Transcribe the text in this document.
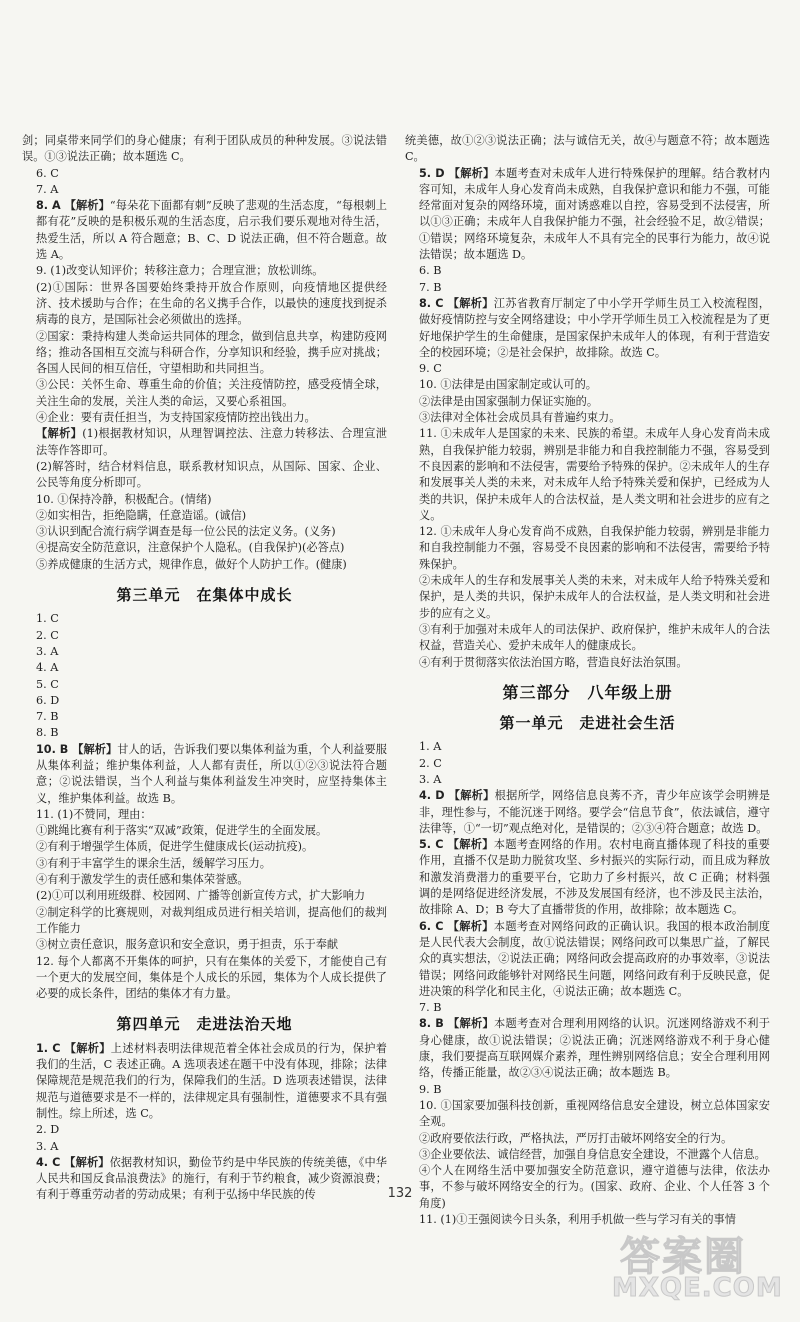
剑；同桌带来同学们的身心健康；有利于团队成员的种种发展。③说法错误。①③说法正确；故本题选 C。

6. C

7. A

8. A 【解析】“每朵花下面都有刺”反映了悲观的生活态度，“每根刺上都有花”反映的是积极乐观的生活态度，启示我们要乐观地对待生活，热爱生活，所以 A 符合题意；B、C、D 说法正确，但不符合题意。故选 A。

9. (1)改变认知评价；转移注意力；合理宣泄；放松训练。

(2)①国际：世界各国要始终秉持开放合作原则，向疫情地区提供经济、技术援助与合作；在生命的名义携手合作，以最快的速度找到捉杀病毒的良方，是国际社会必须做出的选择。

②国家：秉持构建人类命运共同体的理念，做到信息共享，构建防疫网络；推动各国相互交流与科研合作，分享知识和经验，携手应对挑战；各国人民间的相互信任，守望相助和共同担当。

③公民：关怀生命、尊重生命的价值；关注疫情防控，感受疫情全球，关注生命的发展，关注人类的命运，又要心系祖国。

④企业：要有责任担当，为支持国家疫情防控出钱出力。

【解析】(1)根据教材知识，从理智调控法、注意力转移法、合理宣泄法等作答即可。

(2)解答时，结合材料信息，联系教材知识点，从国际、国家、企业、公民等角度分析即可。

10. ①保持冷静，积极配合。(情绪)

②如实相告，拒绝隐瞒，任意造谣。(诚信)

③认识到配合流行病学调查是每一位公民的法定义务。(义务)

④提高安全防范意识，注意保护个人隐私。(自我保护)(必答点)

⑤养成健康的生活方式，规律作息，做好个人防护工作。(健康)

第三单元　在集体中成长

1. C

2. C

3. A

4. A

5. C

6. D

7. B

8. B

10. B 【解析】甘人的话，告诉我们要以集体利益为重，个人利益要服从集体利益；维护集体利益，人人都有责任，所以①②③说法符合题意；②说法错误，当个人利益与集体利益发生冲突时，应坚持集体主义，维护集体利益。故选 B。

11. (1)不赞同，理由：

①跳绳比赛有利于落实“双减”政策，促进学生的全面发展。

②有利于增强学生体质，促进学生健康成长(运动抗疫)。

③有利于丰富学生的课余生活，缓解学习压力。

④有利于激发学生的责任感和集体荣誉感。

(2)①可以利用班级群、校园网、广播等创新宣传方式，扩大影响力

②制定科学的比赛规则，对裁判组成员进行相关培训，提高他们的裁判工作能力

③树立责任意识，服务意识和安全意识，勇于担责，乐于奉献

12. 每个人都离不开集体的呵护，只有在集体的关爱下，才能使自己有一个更大的发展空间，集体是个人成长的乐园，集体为个人成长提供了必要的成长条件，团结的集体才有力量。

第四单元　走进法治天地

1. C 【解析】上述材料表明法律规范着全体社会成员的行为，保护着我们的生活，C 表述正确。A 选项表述在题干中没有体现，排除；法律保障规范是规范我们的行为，保障我们的生活。D 选项表述错误，法律规范与道德要求是不一样的，法律规定具有强制性，道德要求不具有强制性。综上所述，选 C。

2. D

3. A

4. C 【解析】依据教材知识，勤俭节约是中华民族的传统美德，《中华人民共和国反食品浪费法》的施行，有利于节约粮食，减少资源浪费；有利于尊重劳动者的劳动成果；有利于弘扬中华民族的传

统美德，故①②③说法正确；法与诚信无关，故④与题意不符；故本题选 C。

5. D 【解析】本题考查对未成年人进行特殊保护的理解。结合教材内容可知，未成年人身心发育尚未成熟，自我保护意识和能力不强，可能经常面对复杂的网络环境，面对诱惑难以自控，容易受到不法侵害，所以①③正确；未成年人自我保护能力不强，社会经验不足，故②错误；①错误；网络环境复杂，未成年人不具有完全的民事行为能力，故④说法错误；故本题选 D。

6. B

7. B

8. C 【解析】江苏省教育厅制定了中小学开学师生员工入校流程图，做好疫情防控与安全网络建设；中小学开学师生员工入校流程是为了更好地保护学生的生命健康，是国家保护未成年人的体现，有利于营造安全的校园环境；②是社会保护，故排除。故选 C。

9. C

10. ①法律是由国家制定或认可的。

②法律是由国家强制力保证实施的。

③法律对全体社会成员具有普遍约束力。

11. ①未成年人是国家的未来、民族的希望。未成年人身心发育尚未成熟，自我保护能力较弱，辨别是非能力和自我控制能力不强，容易受到不良因素的影响和不法侵害，需要给予特殊的保护。②未成年人的生存和发展事关人类的未来，对未成年人给予特殊关爱和保护，已经成为人类的共识，保护未成年人的合法权益，是人类文明和社会进步的应有之义。

12. ①未成年人身心发育尚不成熟，自我保护能力较弱，辨别是非能力和自我控制能力不强，容易受不良因素的影响和不法侵害，需要给予特殊保护。

②未成年人的生存和发展事关人类的未来，对未成年人给予特殊关爱和保护，是人类的共识，保护未成年人的合法权益，是人类文明和社会进步的应有之义。

③有利于加强对未成年人的司法保护、政府保护，维护未成年人的合法权益，营造关心、爱护未成年人的健康成长。

④有利于贯彻落实依法治国方略，营造良好法治氛围。

第三部分　八年级上册
第一单元　走进社会生活

1. A

2. C

3. A

4. D 【解析】根据所学，网络信息良莠不齐，青少年应该学会明辨是非，理性参与，不能沉迷于网络。要学会“信息节食”，依法诚信，遵守法律等，①“一切”观点绝对化，是错误的；②③④符合题意；故选 D。

5. C 【解析】本题考查网络的作用。农村电商直播体现了科技的重要作用，直播不仅是助力脱贫攻坚、乡村振兴的实际行动，而且成为释放和激发消费潜力的重要平台，它助力了乡村振兴，故 C 正确；材料强调的是网络促进经济发展，不涉及发展国有经济，也不涉及民主法治，故排除 A、D；B 夸大了直播带货的作用，故排除；故本题选 C。

6. C 【解析】本题考查对网络问政的正确认识。我国的根本政治制度是人民代表大会制度，故①说法错误；网络问政可以集思广益，了解民众的真实想法，②说法正确；网络问政会提高政府的办事效率，③说法错误；网络问政能够针对网络民生问题，网络问政有利于反映民意，促进决策的科学化和民主化，④说法正确；故本题选 C。

7. B

8. B 【解析】本题考查对合理利用网络的认识。沉迷网络游戏不利于身心健康，故①说法错误；②说法正确；沉迷网络游戏不利于身心健康，我们要提高互联网媒介素养，理性辨别网络信息；安全合理利用网络，传播正能量，故②③④说法正确；故本题选 B。

9. B

10. ①国家要加强科技创新，重视网络信息安全建设，树立总体国家安全观。

②政府要依法行政，严格执法，严厉打击破坏网络安全的行为。

③企业要依法、诚信经营，加强自身信息安全建设，不泄露个人信息。

④个人在网络生活中要加强安全防范意识，遵守道德与法律，依法办事，不参与破坏网络安全的行为。(国家、政府、企业、个人任答 3 个角度)

11. (1)①王强阅读今日头条，利用手机做一些与学习有关的事情

132
答案圈
MXQE.COM
